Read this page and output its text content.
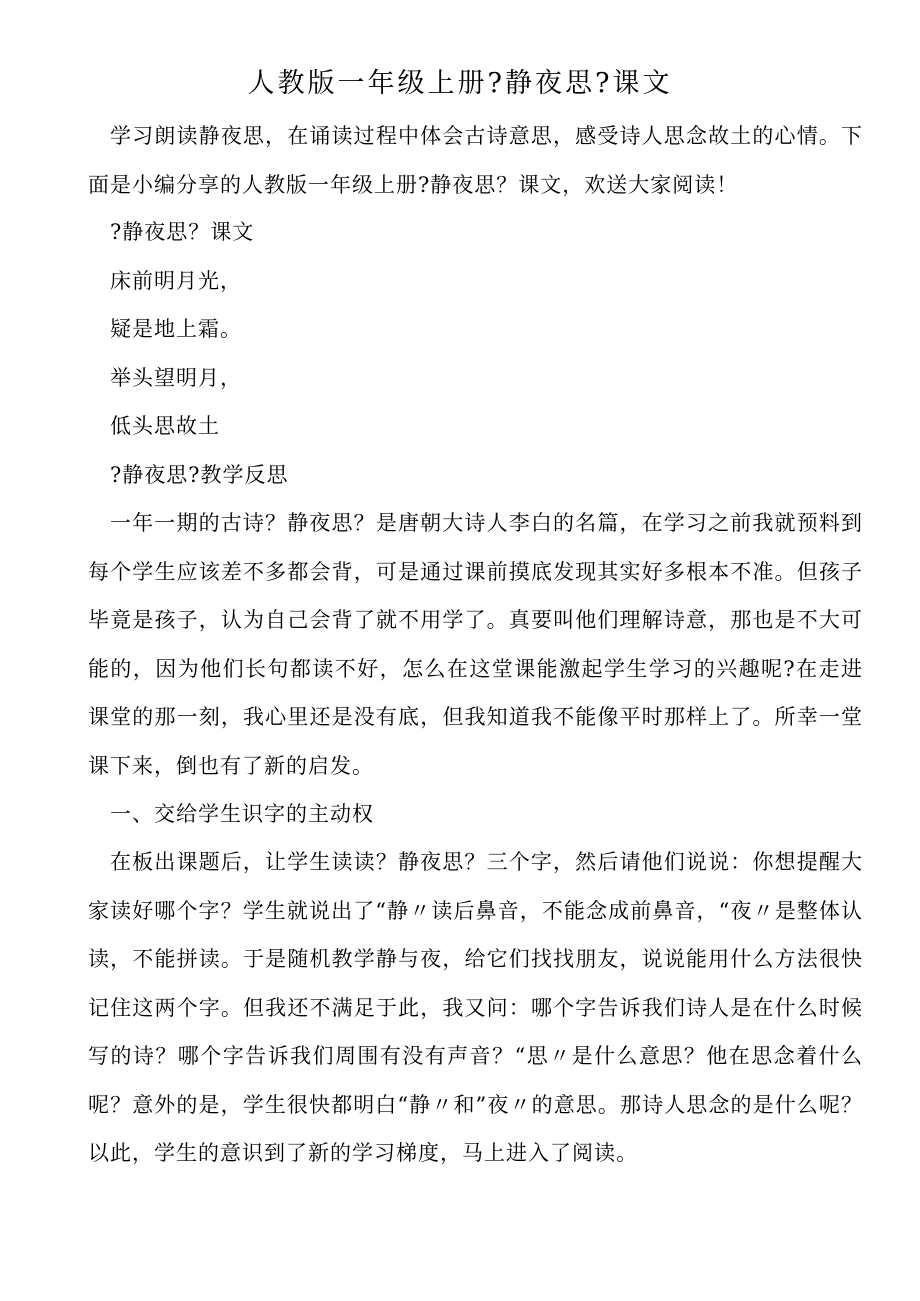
人教版一年级上册?静夜思?课文

学习朗读静夜思，在诵读过程中体会古诗意思，感受诗人思念故土的心情。下面是小编分享的人教版一年级上册?静夜思？课文，欢送大家阅读！

?静夜思？课文

床前明月光，

疑是地上霜。

举头望明月，

低头思故土

?静夜思?教学反思

一年一期的古诗？静夜思？是唐朝大诗人李白的名篇，在学习之前我就预料到每个学生应该差不多都会背，可是通过课前摸底发现其实好多根本不准。但孩子毕竟是孩子，认为自己会背了就不用学了。真要叫他们理解诗意，那也是不大可能的，因为他们长句都读不好，怎么在这堂课能激起学生学习的兴趣呢?在走进课堂的那一刻，我心里还是没有底，但我知道我不能像平时那样上了。所幸一堂课下来，倒也有了新的启发。

一、交给学生识字的主动权

在板出课题后，让学生读读？静夜思？三个字，然后请他们说说：你想提醒大家读好哪个字？学生就说出了“静〃读后鼻音，不能念成前鼻音，“夜〃是整体认读，不能拼读。于是随机教学静与夜，给它们找找朋友，说说能用什么方法很快记住这两个字。但我还不满足于此，我又问：哪个字告诉我们诗人是在什么时候写的诗？哪个字告诉我们周围有没有声音？“思〃是什么意思？他在思念着什么呢？意外的是，学生很快都明白“静〃和”夜〃的意思。那诗人思念的是什么呢？以此，学生的意识到了新的学习梯度，马上进入了阅读。
